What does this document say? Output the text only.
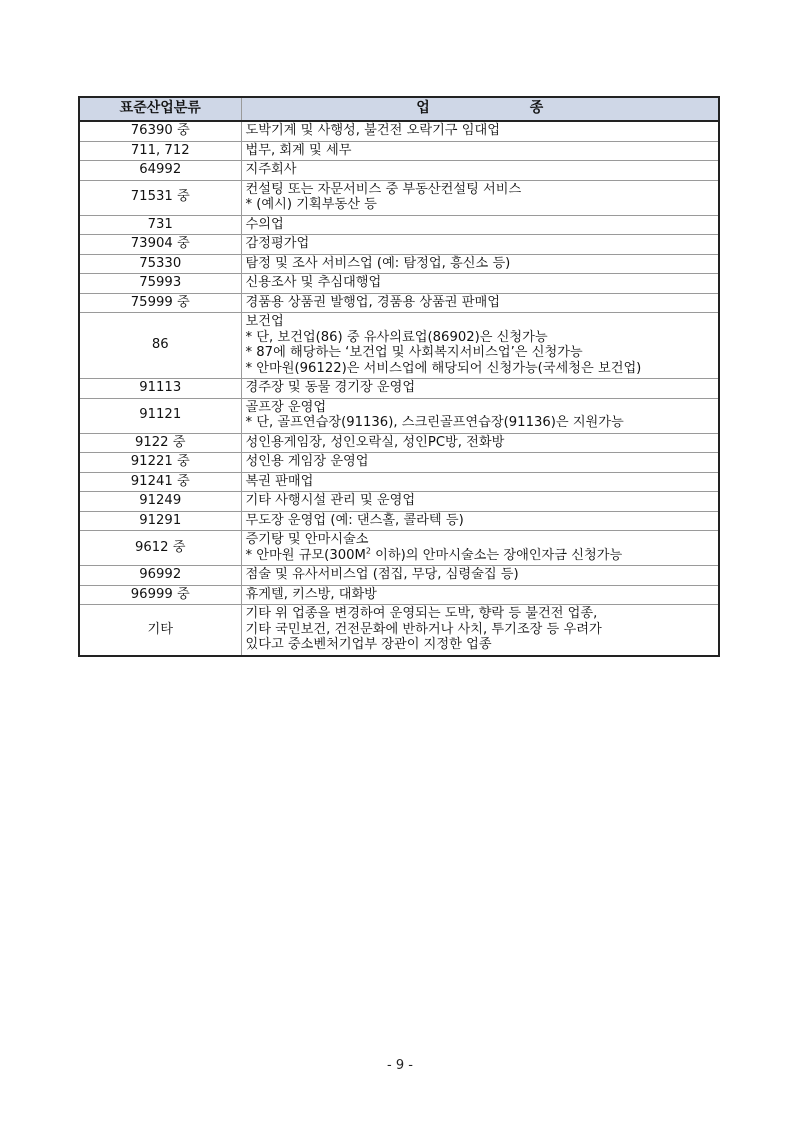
표준산업분류	업 종
76390 중	도박기계 및 사행성, 불건전 오락기구 임대업

711, 712	법무, 회계 및 세무

64992	지주회사

71531 중	컨설팅 또는 자문서비스 중 부동산컨설팅 서비스
* (예시) 기획부동산 등

731	수의업

73904 중	감정평가업

75330	탐정 및 조사 서비스업 (예: 탐정업, 흥신소 등)

75993	신용조사 및 추심대행업

75999 중	경품용 상품권 발행업, 경품용 상품권 판매업

86	보건업
* 단, 보건업(86) 중 유사의료업(86902)은 신청가능
* 87에 해당하는 ‘보건업 및 사회복지서비스업’은 신청가능
* 안마원(96122)은 서비스업에 해당되어 신청가능(국세청은 보건업)

91113	경주장 및 동물 경기장 운영업

91121	골프장 운영업
* 단, 골프연습장(91136), 스크린골프연습장(91136)은 지원가능

9122 중	성인용게임장, 성인오락실, 성인PC방, 전화방

91221 중	성인용 게임장 운영업

91241 중	복권 판매업

91249	기타 사행시설 관리 및 운영업

91291	무도장 운영업 (예: 댄스홀, 콜라텍 등)

9612 중	증기탕 및 안마시술소
* 안마원 규모($300M^2$ 이하)의 안마시술소는 장애인자금 신청가능

96992	점술 및 유사서비스업 (점집, 무당, 심령술집 등)

96999 중	휴게텔, 키스방, 대화방

기타	기타 위 업종을 변경하여 운영되는 도박, 향락 등 불건전 업종,
기타 국민보건, 건전문화에 반하거나 사치, 투기조장 등 우려가
있다고 중소벤처기업부 장관이 지정한 업종
- 9 -
